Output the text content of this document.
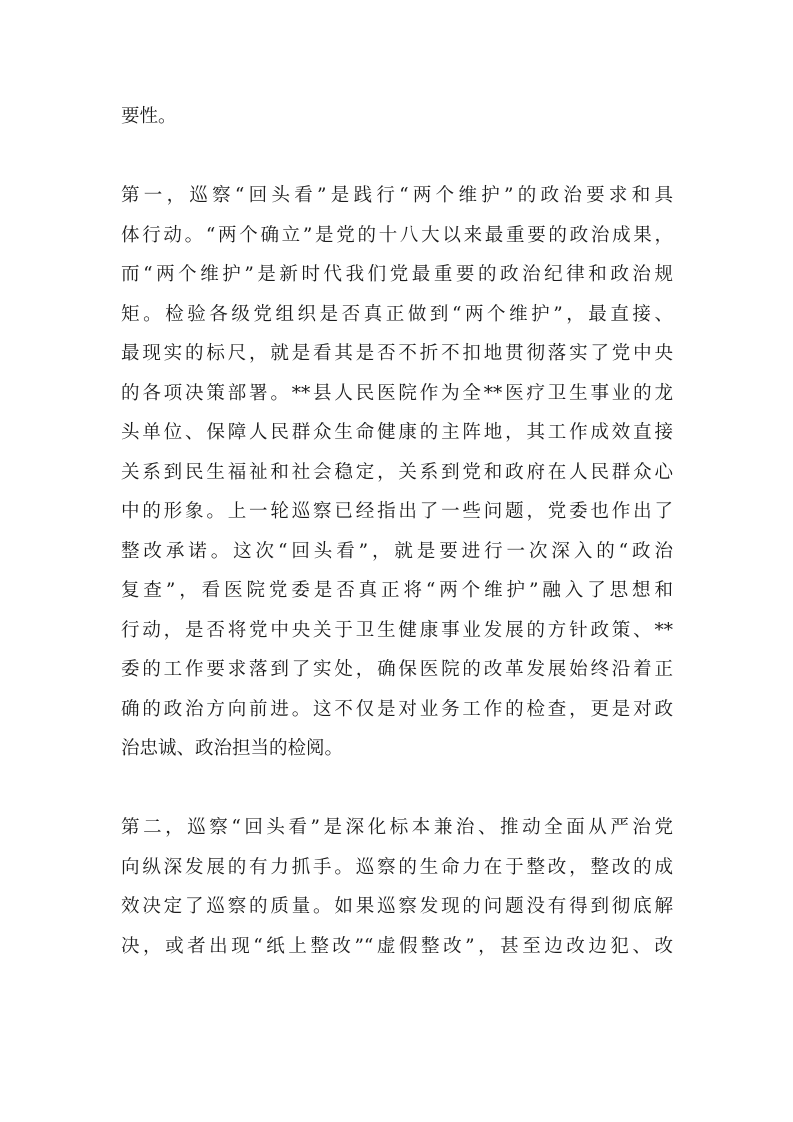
要性。
第一，巡察“回头看”是践行“两个维护”的政治要求和具
体行动。“两个确立”是党的十八大以来最重要的政治成果，
而“两个维护”是新时代我们党最重要的政治纪律和政治规
矩。检验各级党组织是否真正做到“两个维护”，最直接、
最现实的标尺，就是看其是否不折不扣地贯彻落实了党中央
的各项决策部署。**县人民医院作为全**医疗卫生事业的龙
头单位、保障人民群众生命健康的主阵地，其工作成效直接
关系到民生福祉和社会稳定，关系到党和政府在人民群众心
中的形象。上一轮巡察已经指出了一些问题，党委也作出了
整改承诺。这次“回头看”，就是要进行一次深入的“政治
复查”，看医院党委是否真正将“两个维护”融入了思想和
行动，是否将党中央关于卫生健康事业发展的方针政策、**
委的工作要求落到了实处，确保医院的改革发展始终沿着正
确的政治方向前进。这不仅是对业务工作的检查，更是对政
治忠诚、政治担当的检阅。
第二，巡察“回头看”是深化标本兼治、推动全面从严治党
向纵深发展的有力抓手。巡察的生命力在于整改，整改的成
效决定了巡察的质量。如果巡察发现的问题没有得到彻底解
决，或者出现“纸上整改”“虚假整改”，甚至边改边犯、改
